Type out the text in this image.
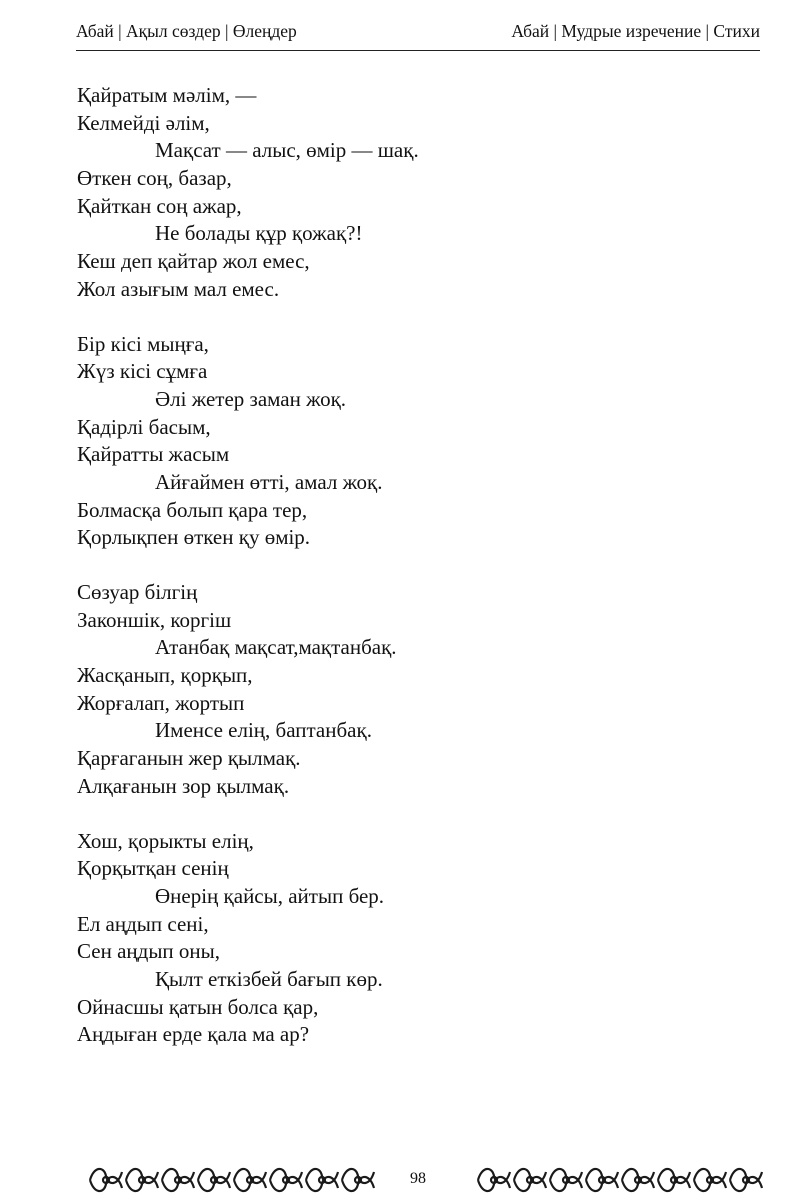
Абай | Ақыл сөздер | Өлеңдер	Абай | Мудрые изречение | Стихи
Қайратым мәлім, —
Келмейді әлім,
Мақсат — алыс, өмір — шақ.
Өткен соң, базар,
Қайткан соң ажар,
Не болады құр қожақ?!
Кеш деп қайтар жол емес,
Жол азығым мал емес.
Бір кісі мыңға,
Жүз кісі сұмға
Әлі жетер заман жоқ.
Қадірлі басым,
Қайратты жасым
Айғаймен өтті, амал жоқ.
Болмасқа болып қара тер,
Қорлықпен өткен қу өмір.
Сөзуар білгің
Законшік, коргіш
Атанбақ мақсат,мақтанбақ.
Жасқанып, қорқып,
Жорғалап, жортып
Именсе елің, баптанбақ.
Қарғаганын жер қылмақ.
Алқағанын зор қылмақ.
Хош, қорыкты елің,
Қорқытқан сенің
Өнерің қайсы, айтып бер.
Ел аңдып сені,
Сен аңдып оны,
Қылт еткізбей бағып көр.
Ойнасшы қатын болса қар,
Аңдыған ерде қала ма ар?
98
